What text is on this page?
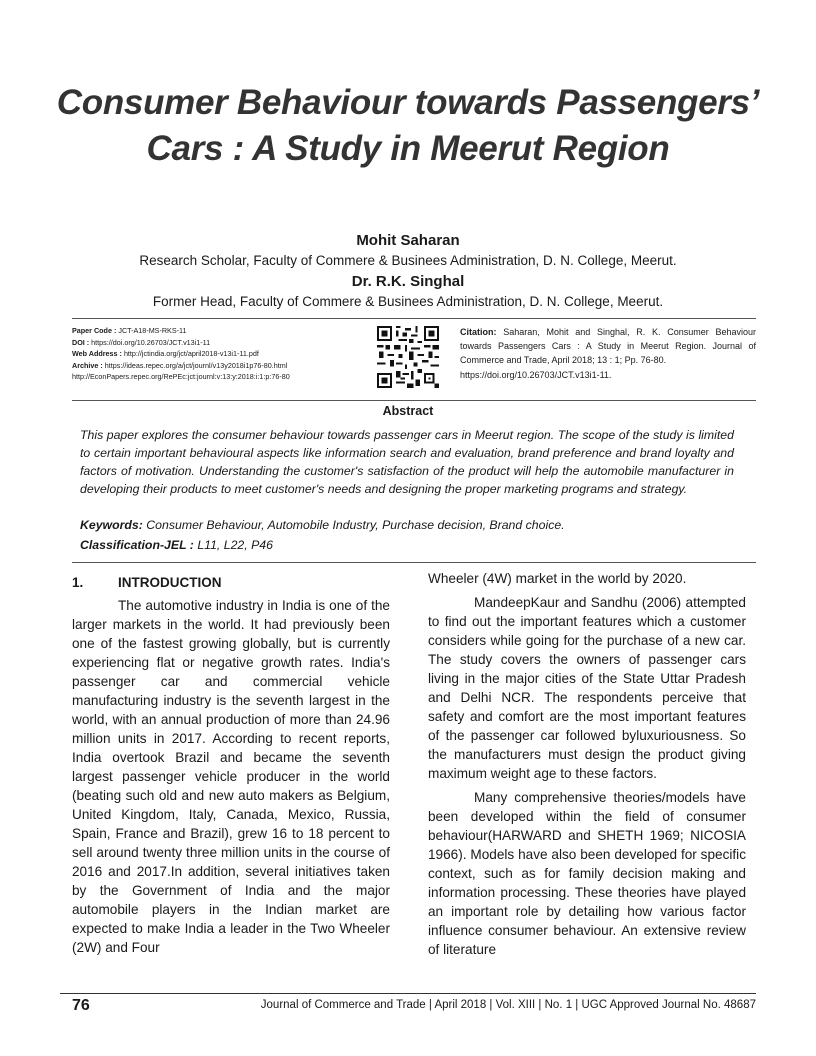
Consumer Behaviour towards Passengers’
Cars : A Study in Meerut Region
Mohit Saharan
Research Scholar, Faculty of Commere & Businees Administration, D. N. College, Meerut.
Dr. R.K. Singhal
Former Head, Faculty of Commere & Businees Administration, D. N. College, Meerut.
Paper Code : JCT-A18-MS-RKS-11
DOI : https://doi.org/10.26703/JCT.v13i1-11
Web Address : http://jctindia.org/jct/april2018-v13i1-11.pdf
Archive : https://ideas.repec.org/a/jct/journl/v13y2018i1p76-80.html
http://EconPapers.repec.org/RePEc:jct:journl:v:13:y:2018:i:1:p:76-80
Citation: Saharan, Mohit and Singhal, R. K. Consumer Behaviour towards Passengers Cars : A Study in Meerut Region. Journal of Commerce and Trade, April 2018; 13 : 1; Pp. 76-80.
https://doi.org/10.26703/JCT.v13i1-11.
Abstract
This paper explores the consumer behaviour towards passenger cars in Meerut region. The scope of the study is limited to certain important behavioural aspects like information search and evaluation, brand preference and brand loyalty and factors of motivation. Understanding the customer's satisfaction of the product will help the automobile manufacturer in developing their products to meet customer's needs and designing the proper marketing programs and strategy.
Keywords: Consumer Behaviour, Automobile Industry, Purchase decision, Brand choice.
Classification-JEL : L11, L22, P46
1.	INTRODUCTION

The automotive industry in India is one of the larger markets in the world. It had previously been one of the fastest growing globally, but is currently experiencing flat or negative growth rates. India's passenger car and commercial vehicle manufacturing industry is the seventh largest in the world, with an annual production of more than 24.96 million units in 2017. According to recent reports, India overtook Brazil and became the seventh largest passenger vehicle producer in the world (beating such old and new auto makers as Belgium, United Kingdom, Italy, Canada, Mexico, Russia, Spain, France and Brazil), grew 16 to 18 percent to sell around twenty three million units in the course of 2016 and 2017.In addition, several initiatives taken by the Government of India and the major automobile players in the Indian market are expected to make India a leader in the Two Wheeler (2W) and Four

Wheeler (4W) market in the world by 2020.

MandeepKaur and Sandhu (2006) attempted to find out the important features which a customer considers while going for the purchase of a new car. The study covers the owners of passenger cars living in the major cities of the State Uttar Pradesh and Delhi NCR. The respondents perceive that safety and comfort are the most important features of the passenger car followed byluxuriousness. So the manufacturers must design the product giving maximum weight age to these factors.

Many comprehensive theories/models have been developed within the field of consumer behaviour(HARWARD and SHETH 1969; NICOSIA 1966). Models have also been developed for specific context, such as for family decision making and information processing. These theories have played an important role by detailing how various factor influence consumer behaviour. An extensive review of literature

76	Journal of Commerce and Trade | April 2018 | Vol. XIII | No. 1 | UGC Approved Journal No. 48687
